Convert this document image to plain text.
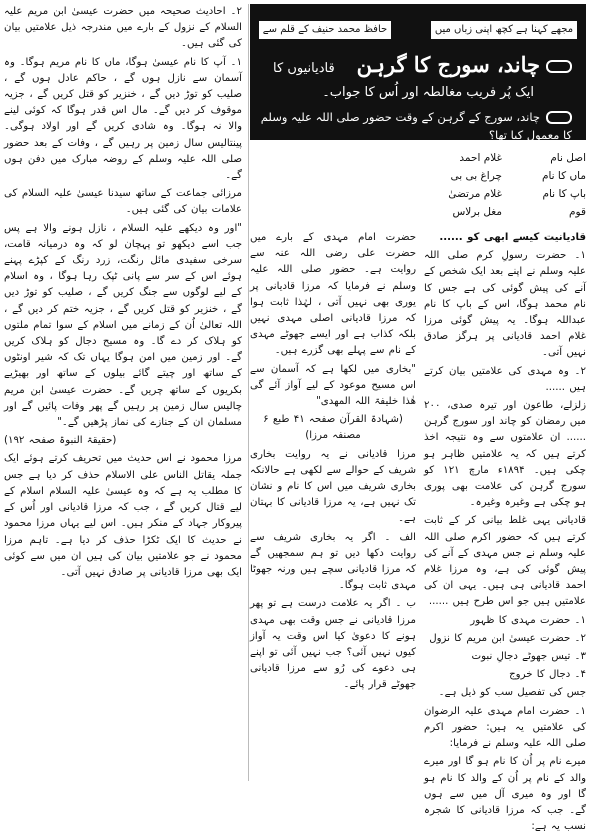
۲۔ احادیث صحیحہ میں حضرت عیسیٰ ابن مریم علیہ السلام کے نزول کے بارے میں مندرجہ ذیل علامتیں بیان کی گئی ہیں۔

۱۔ آپ کا نام عیسیٰ ہوگا، ماں کا نام مریم ہوگا۔ وہ آسمان سے نازل ہوں گے ، حاکم عادل ہوں گے ، صلیب کو توڑ دیں گے ، خنزیر کو قتل کریں گے ، جزیہ موقوف کر دیں گے۔ مال اس قدر ہوگا کہ کوئی لینے والا نہ ہوگا۔ وہ شادی کریں گے اور اولاد ہوگی۔ پینتالیس سال زمین پر رہیں گے ، وفات کے بعد حضور صلی اللہ علیہ وسلم کے روضہ مبارک میں دفن ہوں گے۔

مرزائی جماعت کے ساتھ سیدنا عیسیٰ علیہ السلام کی علامات بیان کی گئی ہیں۔

"اور وہ دیکھے علیہ السلام ، نازل ہونے والا ہے پس جب اسے دیکھو تو پہچان لو کہ وہ درمیانہ قامت، سرخی سفیدی مائل رنگت، زرد رنگ کے کپڑے پہنے ہوئے اس کے سر سے پانی ٹپک رہا ہوگا ، وہ اسلام کے لیے لوگوں سے جنگ کریں گے ، صلیب کو توڑ دیں گے ، خنزیر کو قتل کریں گے ، جزیہ ختم کر دیں گے ، اللہ تعالیٰ اُن کے زمانے میں اسلام کے سوا تمام ملتوں کو ہلاک کر دے گا۔ وہ مسیح دجال کو ہلاک کریں گے۔ اور زمین میں امن ہوگا یہاں تک کہ شیر اونٹوں کے ساتھ اور چیتے گائے بیلوں کے ساتھ اور بھیڑیے بکریوں کے ساتھ چریں گے۔ حضرت عیسیٰ ابن مریم چالیس سال زمین پر رہیں گے پھر وفات پائیں گے اور مسلمان ان کے جنازے کی نماز پڑھیں گے۔"

(حقیقۃ النبوۃ صفحہ ۱۹۲)

مرزا محمود نے اس حدیث میں تحریف کرتے ہوئے ایک جملہ یقاتل الناس علی الاسلام حذف کر دیا ہے جس کا مطلب یہ ہے کہ وہ عیسیٰ علیہ السلام اسلام کے لیے قتال کریں گے ، جب کہ مرزا قادیانی اور اُس کے پیروکار جہاد کے منکر ہیں۔ اس لیے یہاں مرزا محمود نے حدیث کا ایک ٹکڑا حذف کر دیا ہے۔ تاہم مرزا محمود نے جو علامتیں بیان کی ہیں ان میں سے کوئی ایک بھی مرزا قادیانی پر صادق نہیں آتی۔

مجھے کہنا ہے کچھ اپنی زباں میں
حافظ محمد حنیف کے قلم سے
چاند، سورج کا گرہن   قادیانیوں کا
ایک پُر فریب مغالطہ اور اُس کا جواب۔
چاند، سورج کے گرہن کے وقت حضور صلی اللہ علیہ وسلم کا معمول کیا تھا؟
اصل نام
غلام احمد
ماں کا نام
چراغ بی بی
باپ کا نام
غلام مرتضیٰ
قوم
مغل برلاس

قادیانیت کیسے ابھی کو ......

۱۔ حضرت رسولِ کرم صلی اللہ علیہ وسلم نے اپنے بعد ایک شخص کے آنے کی پیش گوئی کی ہے جس کا نام محمد ہوگا، اس کے باپ کا نام عبداللہ ہوگا۔ یہ پیش گوئی مرزا غلام احمد قادیانی پر ہرگز صادق نہیں آتی۔

۲۔ وہ مہدی کی علامتیں بیان کرتے ہیں ......

زلزلے، طاعون اور تیرہ صدی، ۲۰۰ میں رمضان کو چاند اور سورج گرہن ...... ان علامتوں سے وہ نتیجہ اخذ کرتے ہیں کہ یہ علامتیں ظاہر ہو چکی ہیں۔ ۱۸۹۴ء مارچ ۱۲۱ کو سورج گرہن کی علامت بھی پوری ہو چکی ہے وغیرہ وغیرہ۔

قادیانی یہی غلط بیانی کر کے ثابت کرتے ہیں کہ حضور اکرم صلی اللہ علیہ وسلم نے جس مہدی کے آنے کی پیش گوئی کی ہے، وہ مرزا غلام احمد قادیانی ہی ہیں۔ یہی ان کی علامتیں ہیں جو اس طرح ہیں ......

۱۔ حضرت مہدی کا ظہور

۲۔ حضرت عیسیٰ ابن مریم کا نزول

۳۔ تیس جھوٹے دجالِ نبوت

۴۔ دجال کا خروج

جس کی تفصیل سب کو ذیل ہے۔

۱۔ حضرت امام مہدی علیہ الرضوان کی علامتیں یہ ہیں: حضور اکرم صلی اللہ علیہ وسلم نے فرمایا:

میرے نام پر اُن کا نام ہو گا اور میرے والد کے نام پر اُن کے والد کا نام ہو گا اور وہ میری آل میں سے ہوں گے۔ جب کہ مرزا قادیانی کا شجرہ نسب یہ ہے:

حضرت امام مہدی کے بارے میں حضرت علی رضی اللہ عنہ سے روایت ہے۔ حضور صلی اللہ علیہ وسلم نے فرمایا کہ مرزا قادیانی پر یوری بھی نہیں آتی ، لہٰذا ثابت ہوا کہ مرزا قادیانی اصلی مہدی نہیں بلکہ کذاب ہے اور ایسے جھوٹے مہدی کے نام سے پہلے بھی گزرے ہیں۔

"بخاری میں لکھا ہے کہ آسمان سے اس مسیح موعود کے لیے آواز آئے گی ھٰذا خلیفۃ اللہ المھدی"

(شہادۃ القرآن صفحہ ۴۱ طبع ۶ مصنفہ مرزا)

مرزا قادیانی نے یہ روایت بخاری شریف کے حوالے سے لکھی ہے حالانکہ بخاری شریف میں اس کا نام و نشان تک نہیں ہے، یہ مرزا قادیانی کا بہتان ہے۔

الف ۔ اگر یہ بخاری شریف سے روایت دکھا دیں تو ہم سمجھیں گے کہ مرزا قادیانی سچے ہیں ورنہ جھوٹا مہدی ثابت ہوگا۔

ب ۔ اگر یہ علامت درست ہے تو پھر مرزا قادیانی نے جس وقت بھی مہدی ہونے کا دعویٰ کیا اس وقت یہ آواز کیوں نہیں آئی؟ جب نہیں آئی تو اپنے ہی دعوے کی رُو سے مرزا قادیانی جھوٹے قرار پائے۔
